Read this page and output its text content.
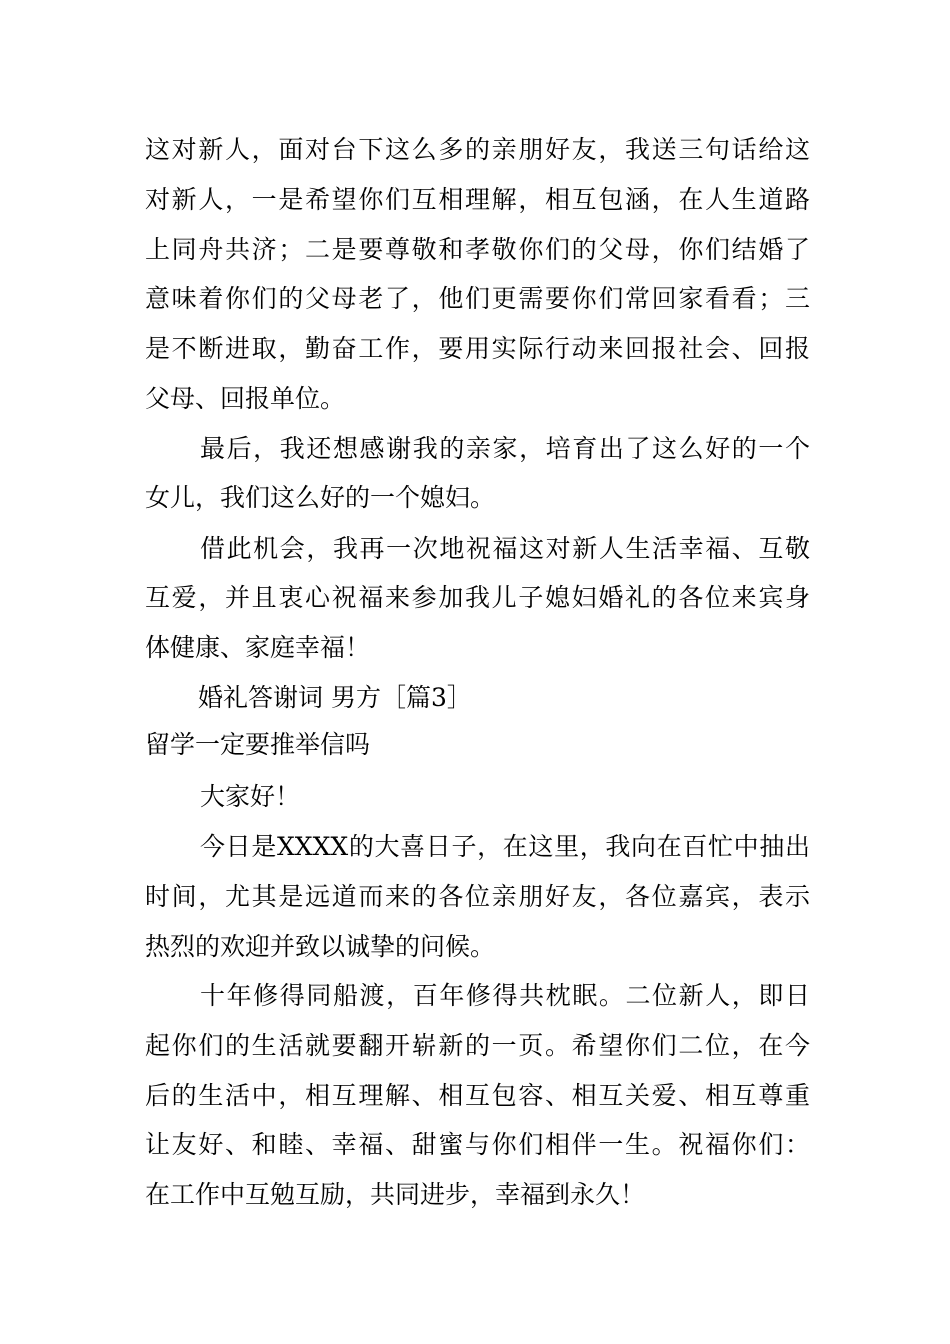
这对新人，面对台下这么多的亲朋好友，我送三句话给这
对新人，一是希望你们互相理解，相互包涵，在人生道路
上同舟共济；二是要尊敬和孝敬你们的父母，你们结婚了
意味着你们的父母老了，他们更需要你们常回家看看；三
是不断进取，勤奋工作，要用实际行动来回报社会、回报
父母、回报单位。
最后，我还想感谢我的亲家，培育出了这么好的一个
女儿，我们这么好的一个媳妇。
借此机会，我再一次地祝福这对新人生活幸福、互敬
互爱，并且衷心祝福来参加我儿子媳妇婚礼的各位来宾身
体健康、家庭幸福！
婚礼答谢词 男方［篇3］
留学一定要推举信吗
大家好！
今日是XXXX的大喜日子，在这里，我向在百忙中抽出
时间，尤其是远道而来的各位亲朋好友，各位嘉宾，表示
热烈的欢迎并致以诚挚的问候。
十年修得同船渡，百年修得共枕眠。二位新人，即日
起你们的生活就要翻开崭新的一页。希望你们二位，在今
后的生活中，相互理解、相互包容、相互关爱、相互尊重
让友好、和睦、幸福、甜蜜与你们相伴一生。祝福你们：
在工作中互勉互励，共同进步，幸福到永久！
